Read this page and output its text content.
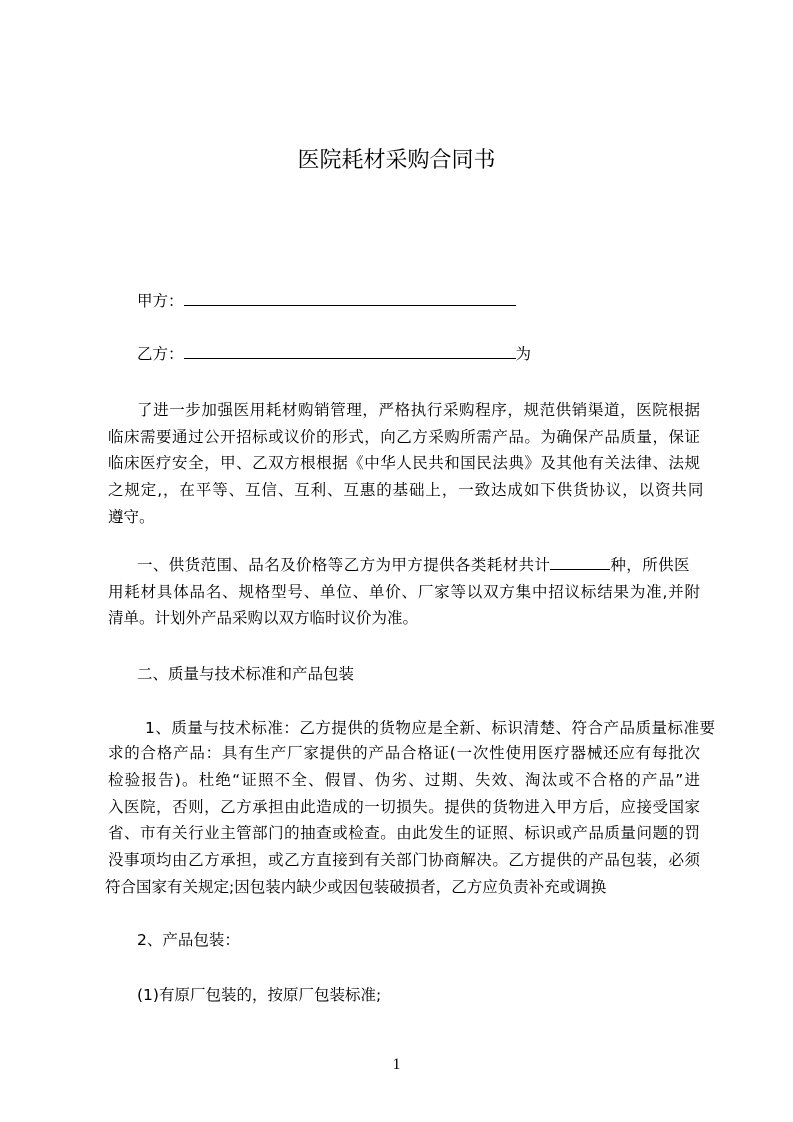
医院耗材采购合同书
甲方：
乙方：	为
了进一步加强医用耗材购销管理，严格执行采购程序，规范供销渠道，医院根据
临床需要通过公开招标或议价的形式，向乙方采购所需产品。为确保产品质量，保证
临床医疗安全，甲、乙双方根根据《中华人民共和国民法典》及其他有关法律、法规
之规定,，在平等、互信、互利、互惠的基础上，一致达成如下供货协议，以资共同
遵守。
一、供货范围、品名及价格等乙方为甲方提供各类耗材共计	种，所供医
用耗材具体品名、规格型号、单位、单价、厂家等以双方集中招议标结果为准,并附
清单。计划外产品采购以双方临时议价为准。
二、质量与技术标准和产品包装
1、质量与技术标准：乙方提供的货物应是全新、标识清楚、符合产品质量标准要
求的合格产品：具有生产厂家提供的产品合格证(一次性使用医疗器械还应有每批次
检验报告)。杜绝“证照不全、假冒、伪劣、过期、失效、淘汰或不合格的产品”进
入医院，否则，乙方承担由此造成的一切损失。提供的货物进入甲方后，应接受国家
省、市有关行业主管部门的抽查或检查。由此发生的证照、标识或产品质量问题的罚
没事项均由乙方承担，或乙方直接到有关部门协商解决。乙方提供的产品包装，必须
符合国家有关规定;因包装内缺少或因包装破损者，乙方应负责补充或调换
2、产品包装：
(1)有原厂包装的，按原厂包装标准;
1
